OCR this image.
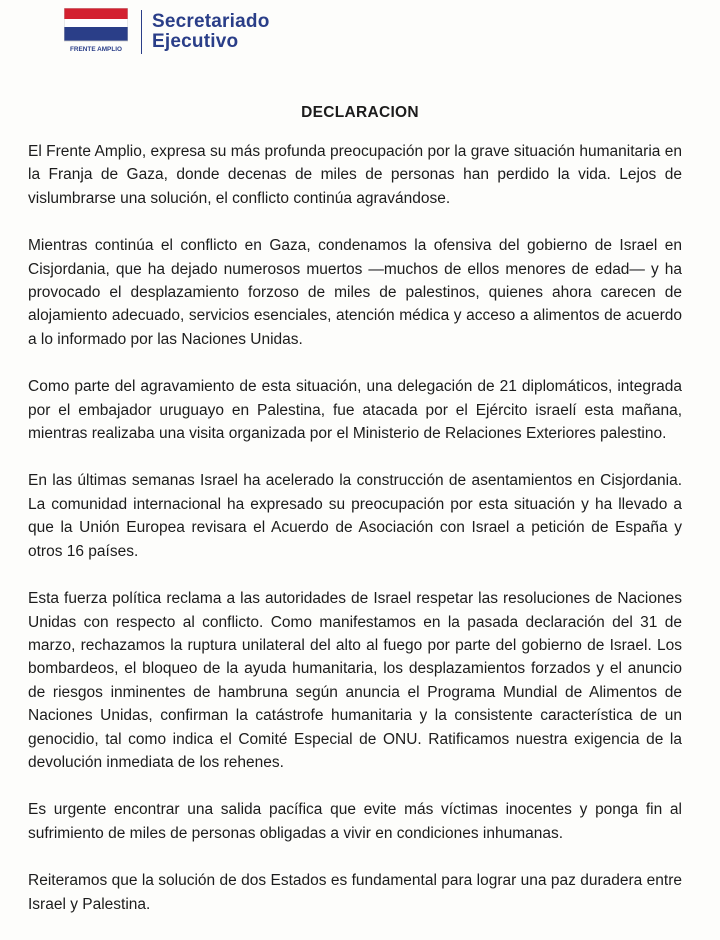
FRENTE AMPLIO
Secretariado Ejecutivo
DECLARACION

El Frente Amplio, expresa su más profunda preocupación por la grave situación humanitaria en la Franja de Gaza, donde decenas de miles de personas han perdido la vida. Lejos de vislumbrarse una solución, el conflicto continúa agravándose.

Mientras continúa el conflicto en Gaza, condenamos la ofensiva del gobierno de Israel en Cisjordania, que ha dejado numerosos muertos —muchos de ellos menores de edad— y ha provocado el desplazamiento forzoso de miles de palestinos, quienes ahora carecen de alojamiento adecuado, servicios esenciales, atención médica y acceso a alimentos de acuerdo a lo informado por las Naciones Unidas.

Como parte del agravamiento de esta situación, una delegación de 21 diplomáticos, integrada por el embajador uruguayo en Palestina, fue atacada por el Ejército israelí esta mañana, mientras realizaba una visita organizada por el Ministerio de Relaciones Exteriores palestino.

En las últimas semanas Israel ha acelerado la construcción de asentamientos en Cisjordania. La comunidad internacional ha expresado su preocupación por esta situación y ha llevado a que la Unión Europea revisara el Acuerdo de Asociación con Israel a petición de España y otros 16 países.

Esta fuerza política reclama a las autoridades de Israel respetar las resoluciones de Naciones Unidas con respecto al conflicto. Como manifestamos en la pasada declaración del 31 de marzo, rechazamos la ruptura unilateral del alto al fuego por parte del gobierno de Israel. Los bombardeos, el bloqueo de la ayuda humanitaria, los desplazamientos forzados y el anuncio de riesgos inminentes de hambruna según anuncia el Programa Mundial de Alimentos de Naciones Unidas, confirman la catástrofe humanitaria y la consistente característica de un genocidio, tal como indica el Comité Especial de ONU. Ratificamos nuestra exigencia de la devolución inmediata de los rehenes.

Es urgente encontrar una salida pacífica que evite más víctimas inocentes y ponga fin al sufrimiento de miles de personas obligadas a vivir en condiciones inhumanas.

Reiteramos que la solución de dos Estados es fundamental para lograr una paz duradera entre Israel y Palestina.
